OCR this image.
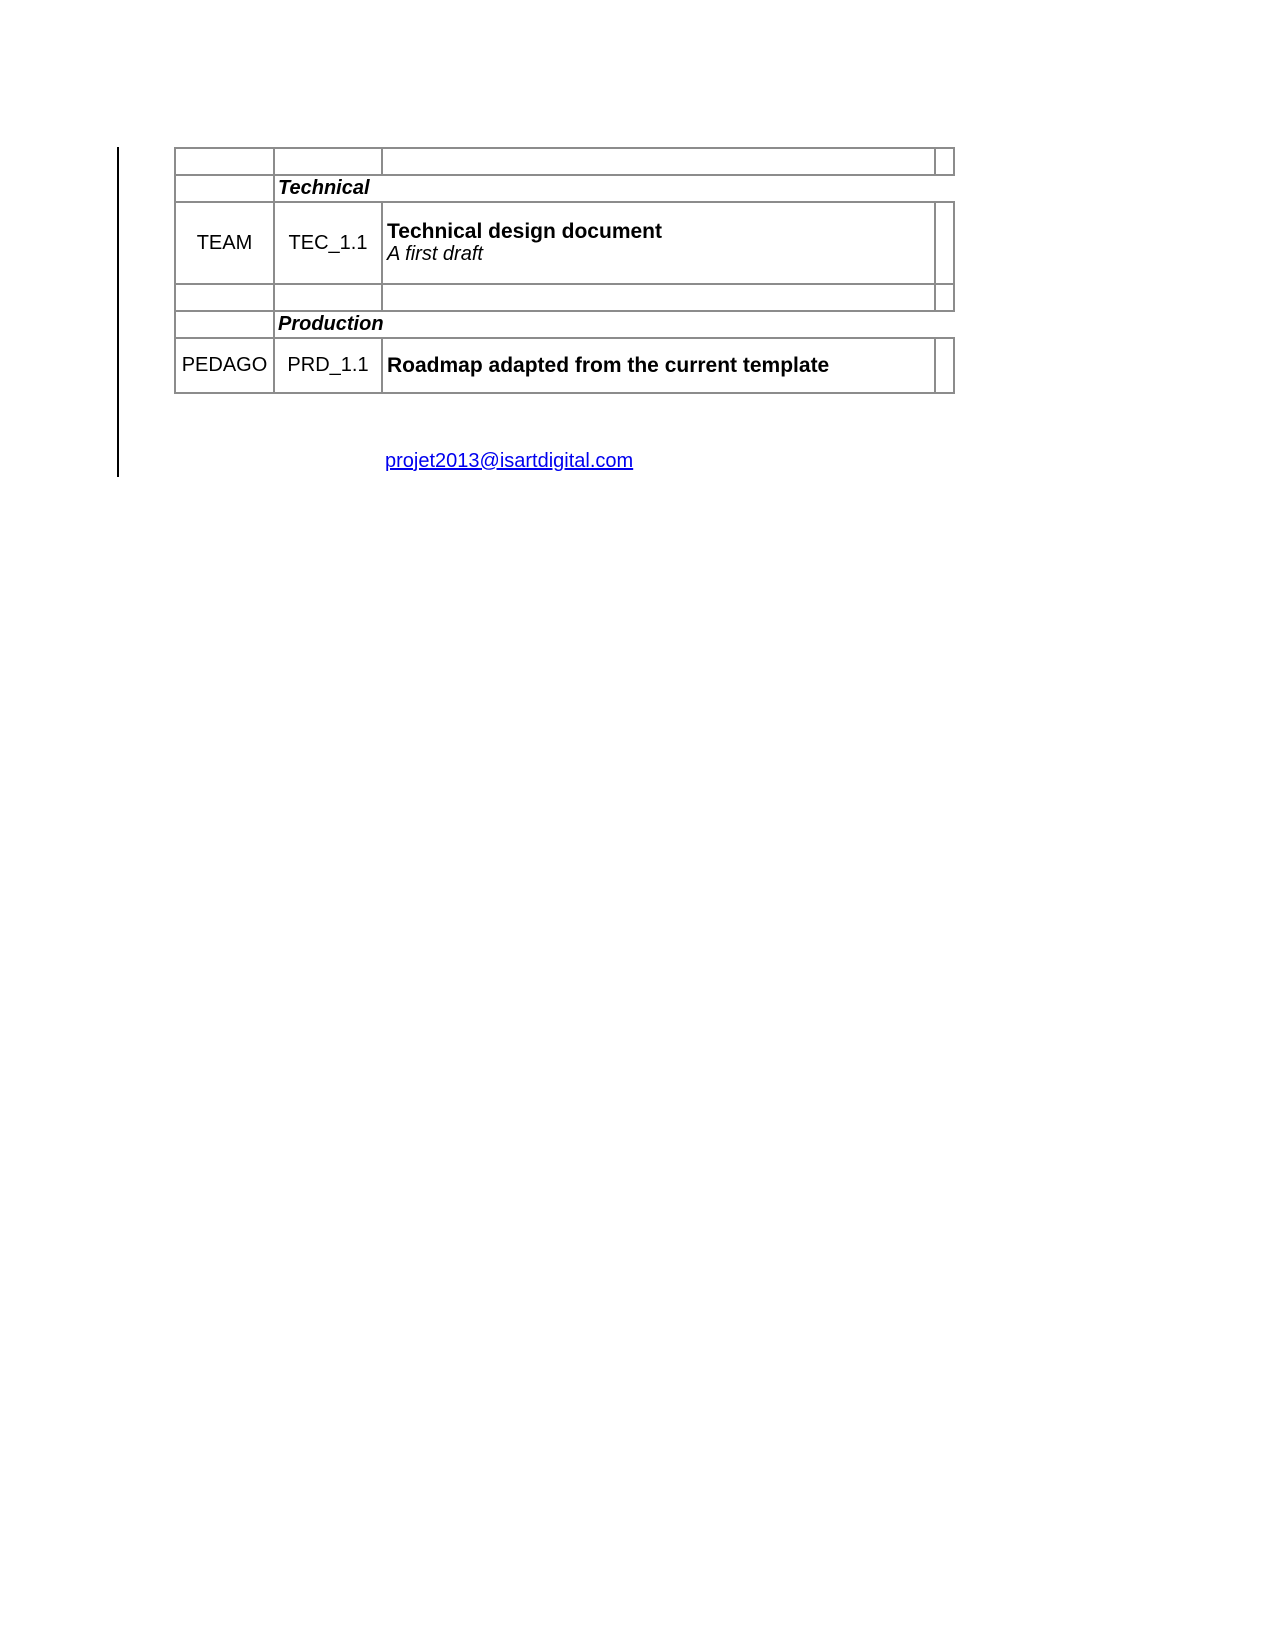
	Technical		
TEAM	TEC_1.1	Technical design document
A first draft	

	Production		
PEDAGO	PRD_1.1	Roadmap adapted from the current template	

projet2013@isartdigital.com
